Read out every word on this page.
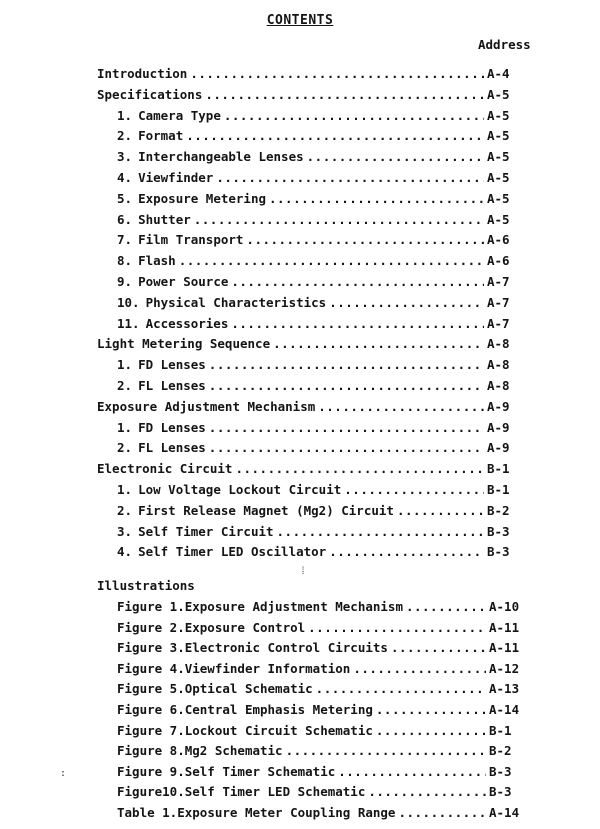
CONTENTS
Address
Introduction .....	A-4
Specifications .....	A-5
1. Camera Type .....	A-5
2. Format .....	A-5
3. Interchangeable Lenses .....	A-5
4. Viewfinder .....	A-5
5. Exposure Metering .....	A-5
6. Shutter .....	A-5
7. Film Transport .....	A-6
8. Flash .....	A-6
9. Power Source .....	A-7
10. Physical Characteristics .....	A-7
11. Accessories .....	A-7
Light Metering Sequence .....	A-8
1. FD Lenses .....	A-8
2. FL Lenses .....	A-8
Exposure Adjustment Mechanism .....	A-9
1. FD Lenses .....	A-9
2. FL Lenses .....	A-9
Electronic Circuit .....	B-1
1. Low Voltage Lockout Circuit .....	B-1
2. First Release Magnet (Mg2) Circuit .....	B-2
3. Self Timer Circuit .....	B-3
4. Self Timer LED Oscillator .....	B-3
Illustrations
Figure 1. Exposure Adjustment Mechanism .....	A-10
Figure 2. Exposure Control .....	A-11
Figure 3. Electronic Control Circuits .....	A-11
Figure 4. Viewfinder Information .....	A-12
Figure 5. Optical Schematic .....	A-13
Figure 6. Central Emphasis Metering .....	A-14
Figure 7. Lockout Circuit Schematic .....	B-1
Figure 8. Mg2 Schematic .....	B-2
Figure 9. Self Timer Schematic .....	B-3
Figure10. Self Timer LED Schematic .....	B-3
Table 1. Exposure Meter Coupling Range .....	A-14
⁞
:
